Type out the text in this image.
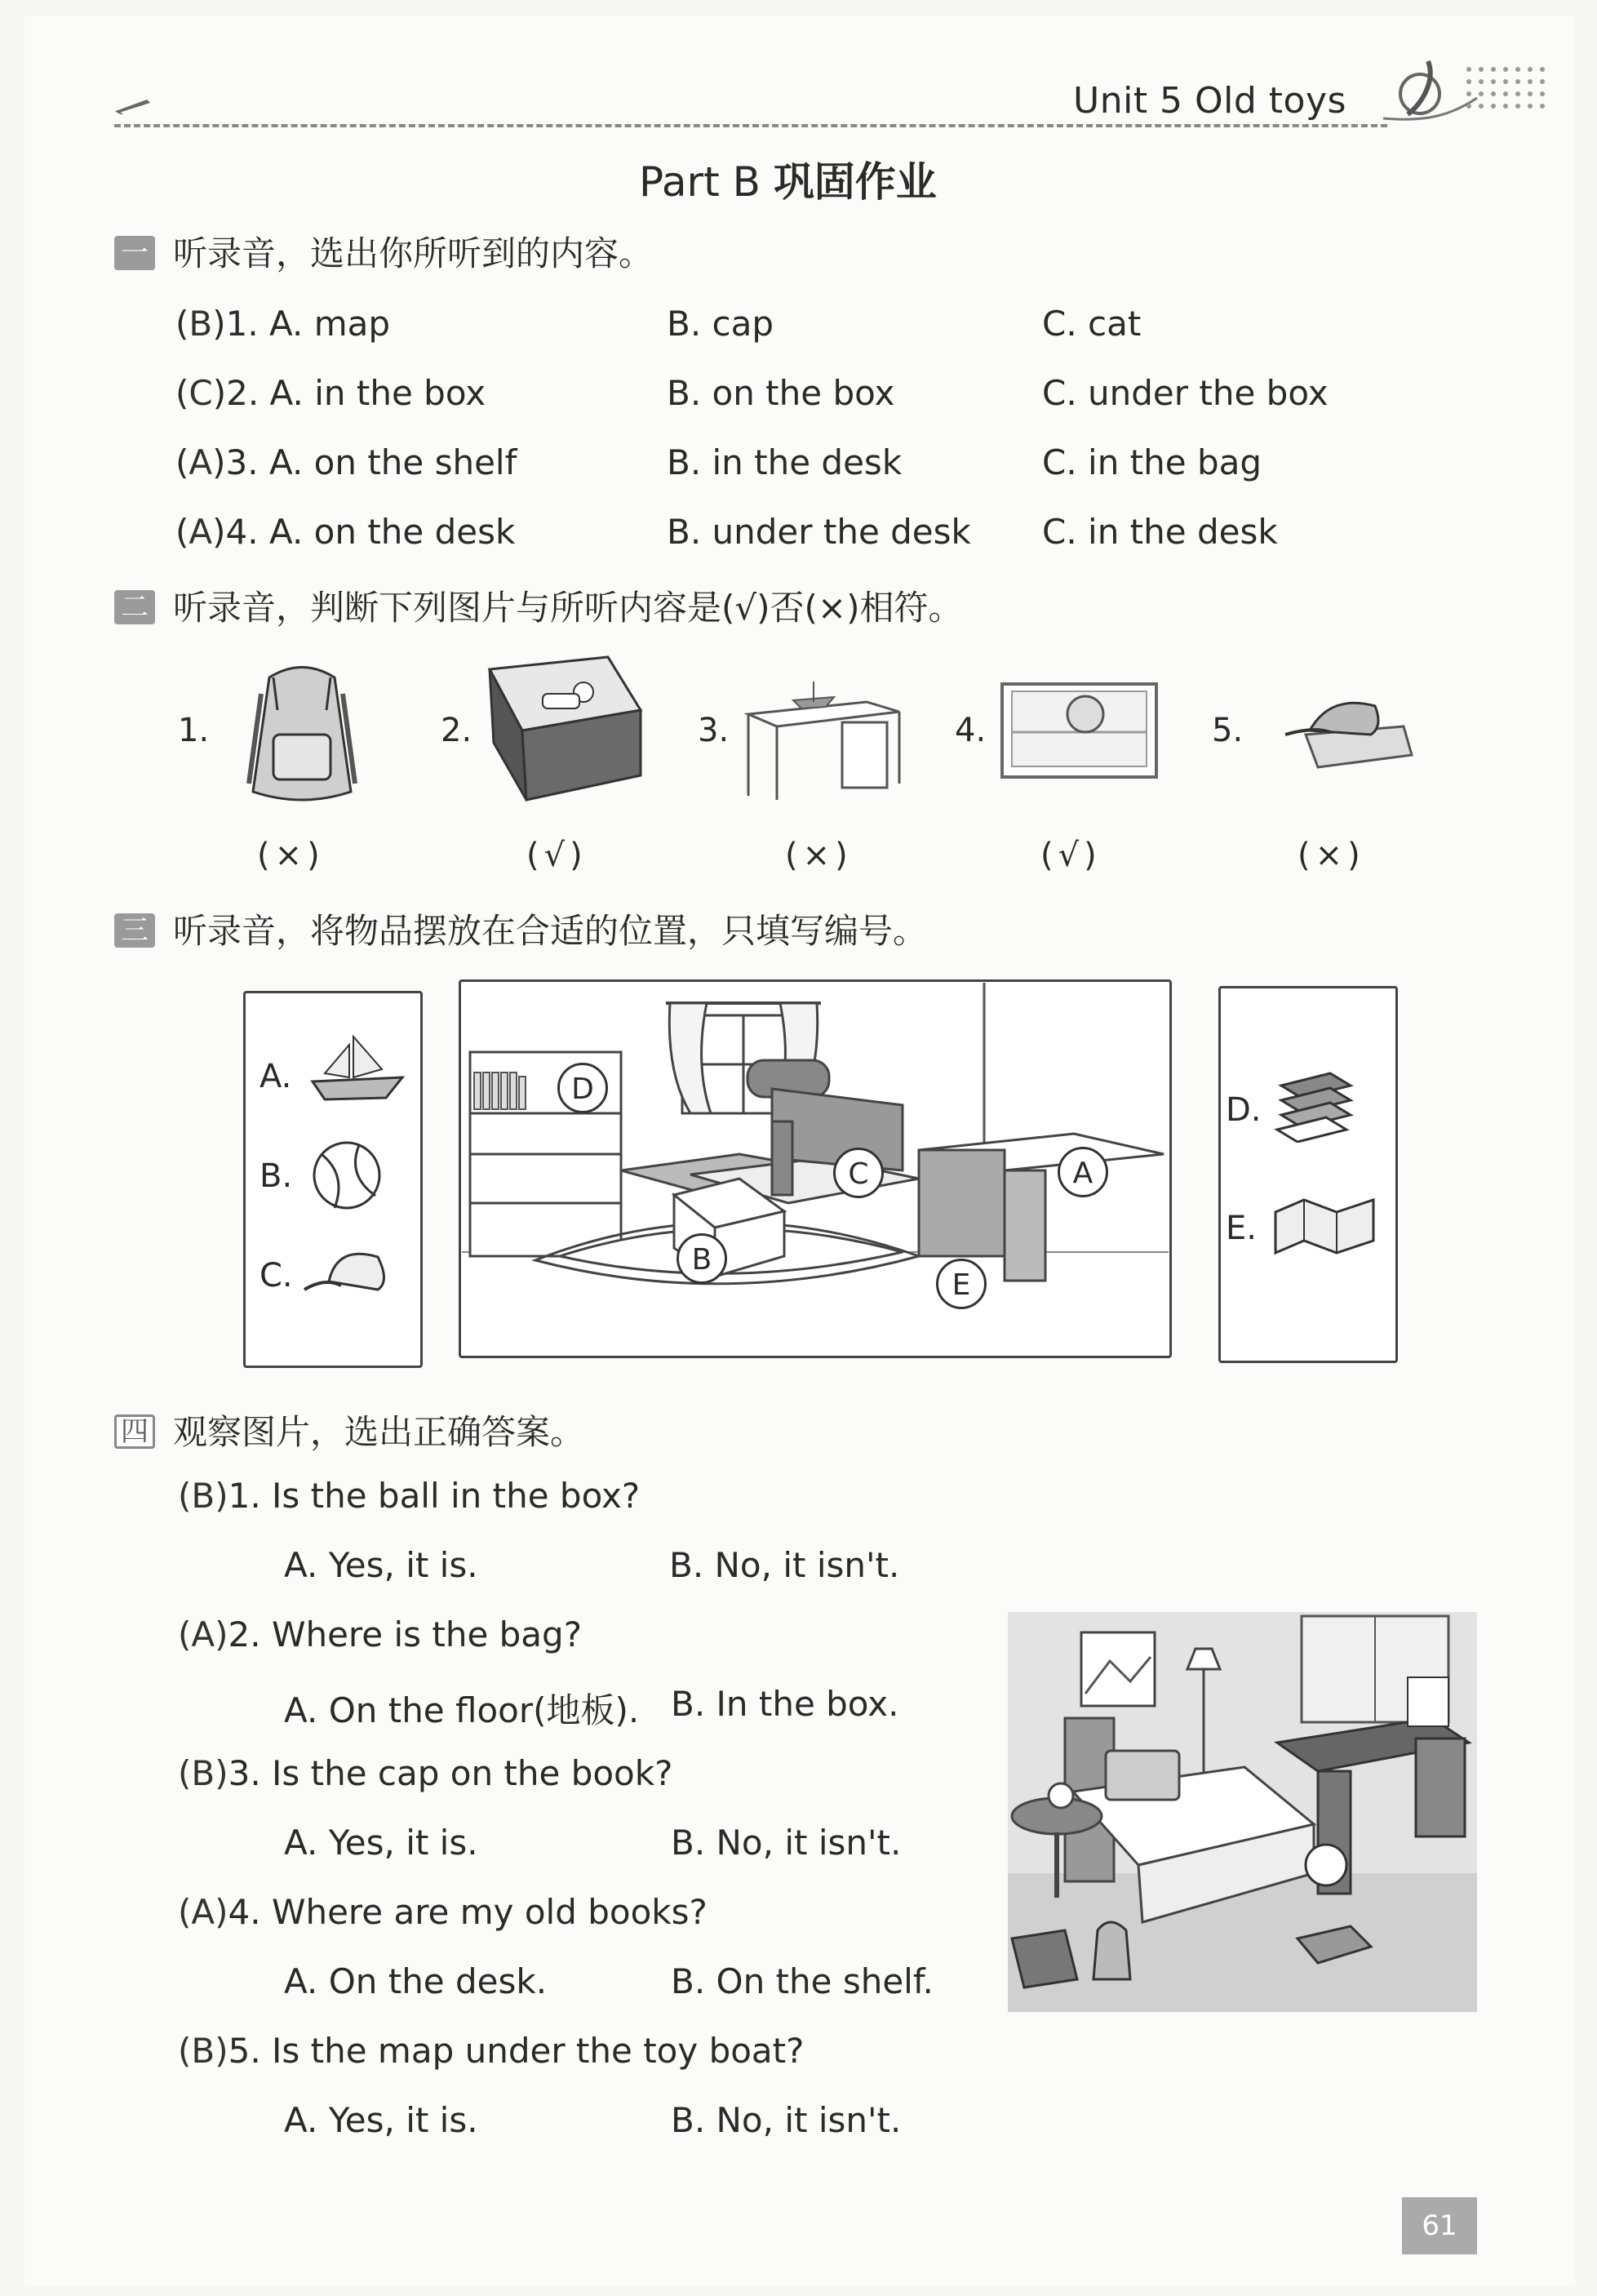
Unit 5 Old toys
Part B 巩固作业
一 听录音，选出你所听到的内容。
(B)1. A. map	B. cap	C. cat
(C)2. A. in the box	B. on the box	C. under the box
(A)3. A. on the shelf	B. in the desk	C. in the bag
(A)4. A. on the desk	B. under the desk C. in the desk
二 听录音，判断下列图片与所听内容是(√)否(×)相符。
1.
(×)
2.
(√)
3.
(×)
4.
(√)
5.
(×)
三 听录音，将物品摆放在合适的位置，只填写编号。
A.
B.
C.
D
C	A
B
E
D.
E.
四 观察图片，选出正确答案。
(B)1. Is the ball in the box?
A. Yes, it is.	B. No, it isn't.
(A)2. Where is the bag?
A. On the floor(地板). B. In the box.
(B)3. Is the cap on the book?
A. Yes, it is.	B. No, it isn't.
(A)4. Where are my old books?
A. On the desk.	B. On the shelf.
(B)5. Is the map under the toy boat?
A. Yes, it is.	B. No, it isn't.
61
